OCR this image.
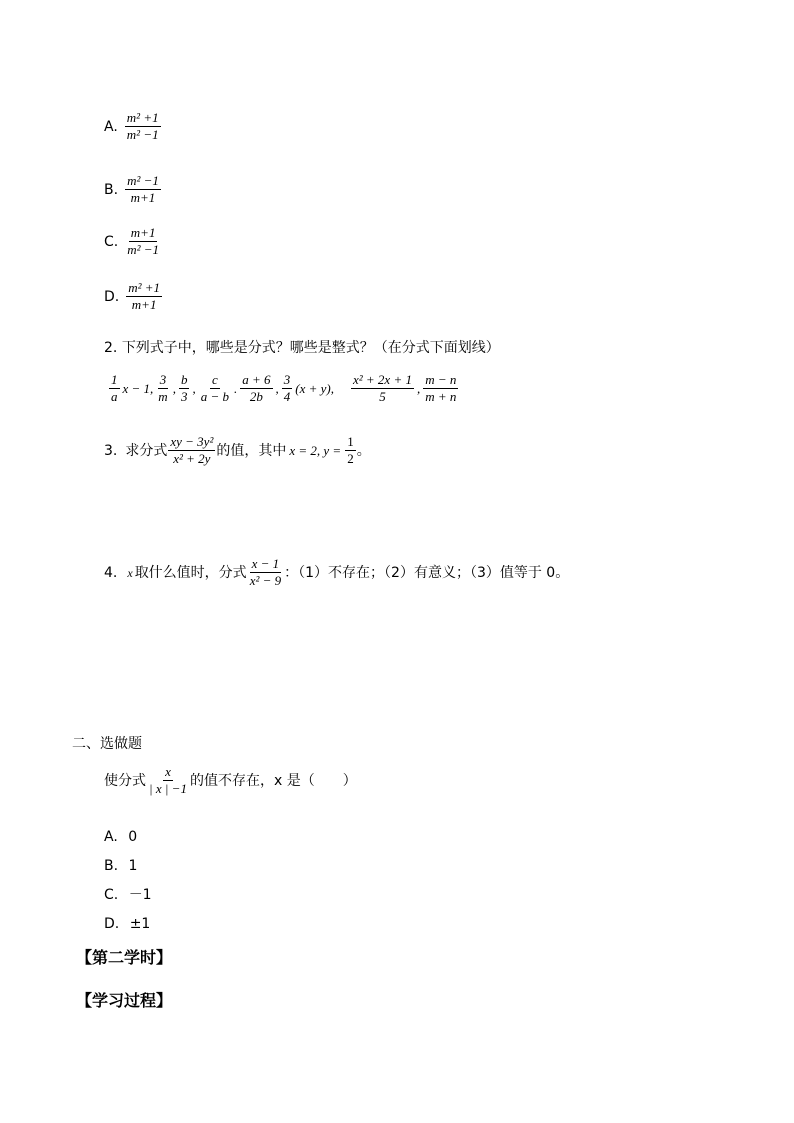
A. $\frac{\text{m² +1}}{\text{m² −1}}$
B. $\frac{\text{m² −1}}{m+1}$
C. $\frac{m+1}{\text{m² −1}}$
D. $\frac{\text{m² +1}}{m+1}$
2. 下列式子中，哪些是分式？哪些是整式？（在分式下面划线）
$\frac{1}{a}$ x − 1, $\frac{3}{m}$ , $\frac{b}{3}$ , $\frac{c}{a - b}$ . $\frac{a + 6}{2b}$ , $\frac{3}{4} (x + y)$, $\frac{\text{x² + 2x + 1}}{5}$ , $\frac{m - n}{m + n}$
3. 求分式 $\frac{\text{xy − 3y²}}{\text{x² + 2y}}$ 的值，其中 x = 2, $y = \frac{1}{2}$ 。
4. x 取什么值时，分式 $\frac{x - 1}{\text{x² − 9}}$ ：（1）不存在；（2）有意义；（3）值等于 0。
二、选做题
使分式 $\frac{x}{| x | -1}$ 的值不存在，x 是（　　）
A. 0
B. 1
C. －1
D. ±1
【第二学时】
【学习过程】
